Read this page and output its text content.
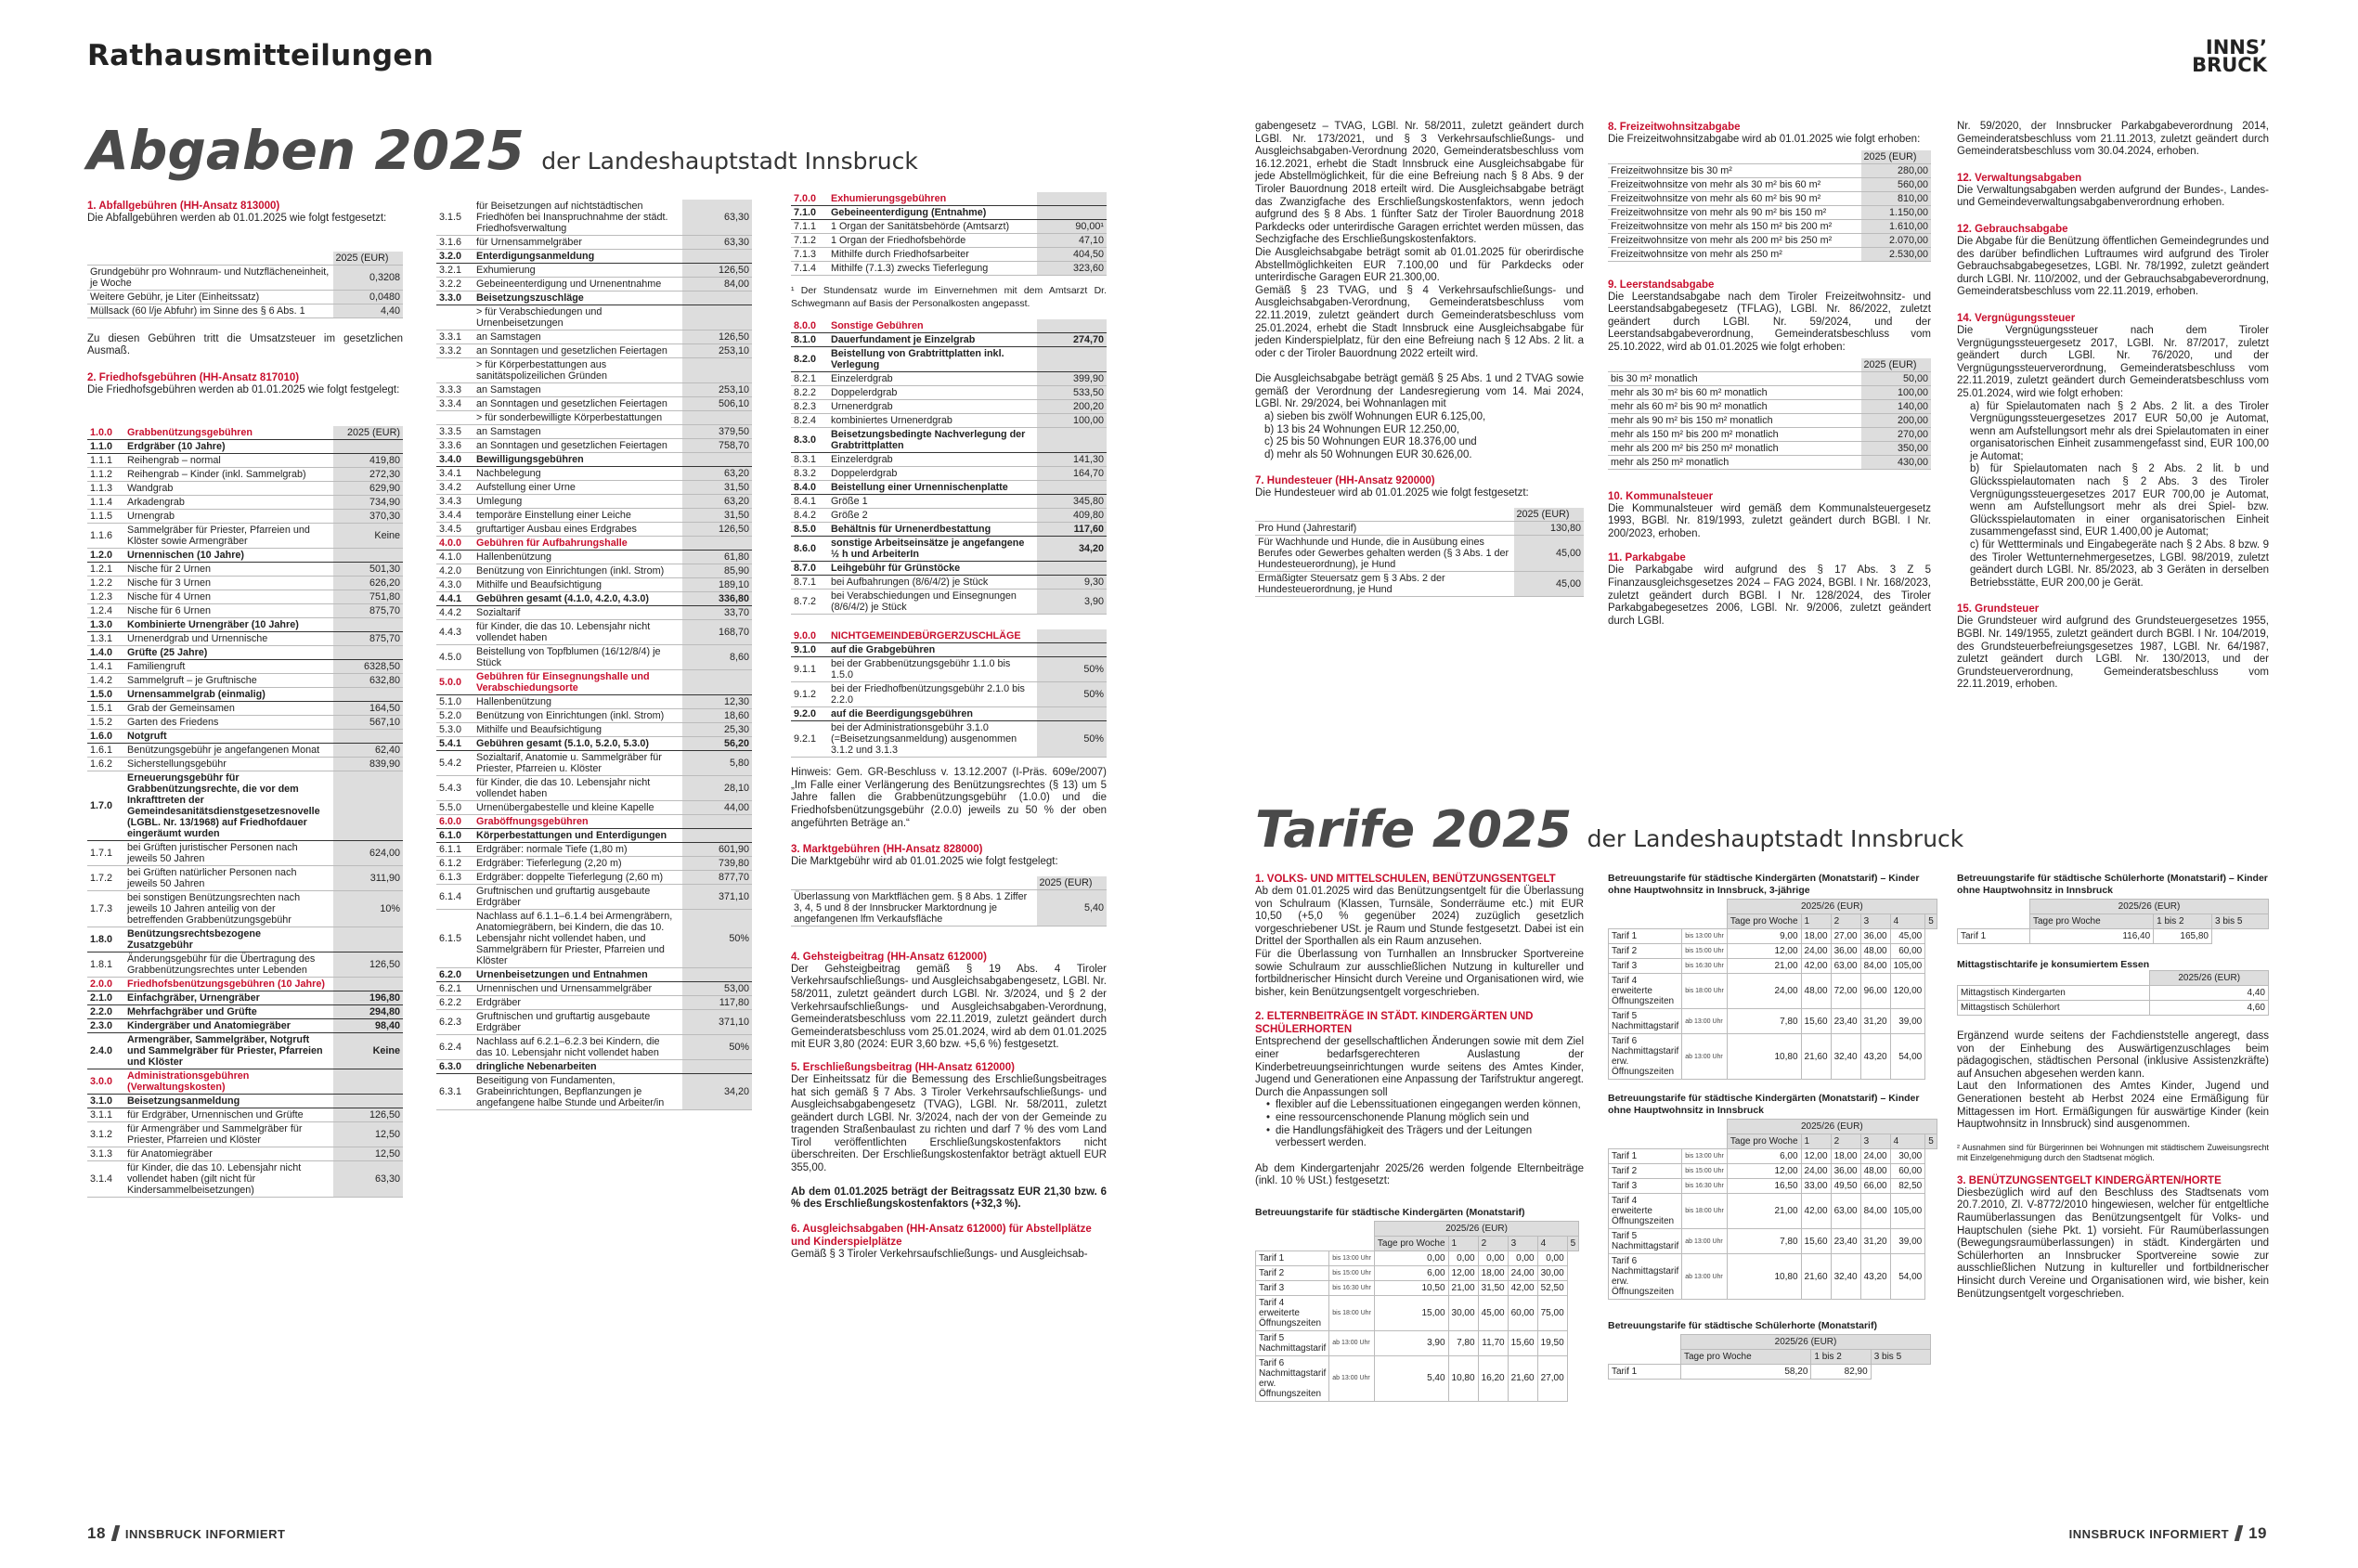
Rathausmitteilungen	INNS’
BRUCK
Abgaben 2025 der Landeshauptstadt Innsbruck
1. Abfallgebühren (HH-Ansatz 813000)
Die Abfallgebühren werden ab 01.01.2025 wie folgt festgesetzt:
	2025 (EUR)
Grundgebühr pro Wohnraum- und Nutzflächeneinheit, je Woche	0,3208
Weitere Gebühr, je Liter (Einheitssatz)	0,0480
Müllsack (60 l/je Abfuhr) im Sinne des § 6 Abs. 1	4,40
Zu diesen Gebühren tritt die Umsatzsteuer im gesetzlichen Ausmaß.
2. Friedhofsgebühren (HH-Ansatz 817010)
Die Friedhofsgebühren werden ab 01.01.2025 wie folgt festgelegt:
1.0.0	Grabbenützungsgebühren	2025 (EUR)
1.1.0	Erdgräber (10 Jahre)	
1.1.1	Reihengrab – normal	419,80
1.1.2	Reihengrab – Kinder (inkl. Sammelgrab)	272,30
1.1.3	Wandgrab	629,90
1.1.4	Arkadengrab	734,90
1.1.5	Urnengrab	370,30
1.1.6	Sammelgräber für Priester, Pfarreien und Klöster sowie Armengräber	Keine
1.2.0	Urnennischen (10 Jahre)	
1.2.1	Nische für 2 Urnen	501,30
1.2.2	Nische für 3 Urnen	626,20
1.2.3	Nische für 4 Urnen	751,80
1.2.4	Nische für 6 Urnen	875,70
1.3.0	Kombinierte Urnengräber (10 Jahre)	
1.3.1	Urnenerdgrab und Urnennische	875,70
1.4.0	Grüfte (25 Jahre)	
1.4.1	Familiengruft	6328,50
1.4.2	Sammelgruft – je Gruftnische	632,80
1.5.0	Urnensammelgrab (einmalig)	
1.5.1	Grab der Gemeinsamen	164,50
1.5.2	Garten des Friedens	567,10
1.6.0	Notgruft	
1.6.1	Benützungsgebühr je angefangenen Monat	62,40
1.6.2	Sicherstellungsgebühr	839,90
1.7.0	Erneuerungsgebühr für Grabbenützungsrechte, die vor dem Inkrafttreten der Gemeindesanitätsdienstgesetzesnovelle (LGBL. Nr. 13/1968) auf Friedhofdauer eingeräumt wurden	
1.7.1	bei Grüften juristischer Personen nach jeweils 50 Jahren	624,00
1.7.2	bei Grüften natürlicher Personen nach jeweils 50 Jahren	311,90
1.7.3	bei sonstigen Benützungsrechten nach jeweils 10 Jahren anteilig von der betreffenden Grabbenützungsgebühr	10%
1.8.0	Benützungsrechtsbezogene Zusatzgebühr	
1.8.1	Änderungsgebühr für die Übertragung des Grabbenützungsrechtes unter Lebenden	126,50
2.0.0	Friedhofsbenützungsgebühren (10 Jahre)	
2.1.0	Einfachgräber, Urnengräber	196,80
2.2.0	Mehrfachgräber und Grüfte	294,80
2.3.0	Kindergräber und Anatomiegräber	98,40
2.4.0	Armengräber, Sammelgräber, Notgruft und Sammelgräber für Priester, Pfarreien und Klöster	Keine
3.0.0	Administrationsgebühren (Verwaltungskosten)	
3.1.0	Beisetzungsanmeldung	
3.1.1	für Erdgräber, Urnennischen und Grüfte	126,50
3.1.2	für Armengräber und Sammelgräber für Priester, Pfarreien und Klöster	12,50
3.1.3	für Anatomiegräber	12,50
3.1.4	für Kinder, die das 10. Lebensjahr nicht vollendet haben (gilt nicht für Kindersammelbeisetzungen)	63,30
3.1.5	für Beisetzungen auf nichtstädtischen Friedhöfen bei Inanspruchnahme der städt. Friedhofsverwaltung	63,30
3.1.6	für Urnensammelgräber	63,30
3.2.0	Enterdigungsanmeldung	
3.2.1	Exhumierung	126,50
3.2.2	Gebeineenterdigung und Urnenentnahme	84,00
3.3.0	Beisetzungszuschläge	
	> für Verabschiedungen und Urnenbeisetzungen	
3.3.1	an Samstagen	126,50
3.3.2	an Sonntagen und gesetzlichen Feiertagen	253,10
	> für Körperbestattungen aus sanitätspolizeilichen Gründen	
3.3.3	an Samstagen	253,10
3.3.4	an Sonntagen und gesetzlichen Feiertagen	506,10
	> für sonderbewilligte Körperbestattungen	
3.3.5	an Samstagen	379,50
3.3.6	an Sonntagen und gesetzlichen Feiertagen	758,70
3.4.0	Bewilligungsgebühren	
3.4.1	Nachbelegung	63,20
3.4.2	Aufstellung einer Urne	31,50
3.4.3	Umlegung	63,20
3.4.4	temporäre Einstellung einer Leiche	31,50
3.4.5	gruftartiger Ausbau eines Erdgrabes	126,50
4.0.0	Gebühren für Aufbahrungshalle	
4.1.0	Hallenbenützung	61,80
4.2.0	Benützung von Einrichtungen (inkl. Strom)	85,90
4.3.0	Mithilfe und Beaufsichtigung	189,10
4.4.1	Gebühren gesamt (4.1.0, 4.2.0, 4.3.0)	336,80
4.4.2	Sozialtarif	33,70
4.4.3	für Kinder, die das 10. Lebensjahr nicht vollendet haben	168,70
4.5.0	Beistellung von Topfblumen (16/12/8/4) je Stück	8,60
5.0.0	Gebühren für Einsegnungshalle und Verabschiedungsorte	
5.1.0	Hallenbenützung	12,30
5.2.0	Benützung von Einrichtungen (inkl. Strom)	18,60
5.3.0	Mithilfe und Beaufsichtigung	25,30
5.4.1	Gebühren gesamt (5.1.0, 5.2.0, 5.3.0)	56,20
5.4.2	Sozialtarif, Anatomie u. Sammelgräber für Priester, Pfarreien u. Klöster	5,80
5.4.3	für Kinder, die das 10. Lebensjahr nicht vollendet haben	28,10
5.5.0	Urnenübergabestelle und kleine Kapelle	44,00
6.0.0	Graböffnungsgebühren	
6.1.0	Körperbestattungen und Enterdigungen	
6.1.1	Erdgräber: normale Tiefe (1,80 m)	601,90
6.1.2	Erdgräber: Tieferlegung (2,20 m)	739,80
6.1.3	Erdgräber: doppelte Tieferlegung (2,60 m)	877,70
6.1.4	Gruftnischen und gruftartig ausgebaute Erdgräber	371,10
6.1.5	Nachlass auf 6.1.1–6.1.4 bei Armengräbern, Anatomiegräbern, bei Kindern, die das 10. Lebensjahr nicht vollendet haben, und Sammelgräbern für Priester, Pfarreien und Klöster	50%
6.2.0	Urnenbeisetzungen und Entnahmen	
6.2.1	Urnennischen und Urnensammelgräber	53,00
6.2.2	Erdgräber	117,80
6.2.3	Gruftnischen und gruftartig ausgebaute Erdgräber	371,10
6.2.4	Nachlass auf 6.2.1–6.2.3 bei Kindern, die das 10. Lebensjahr nicht vollendet haben	50%
6.3.0	dringliche Nebenarbeiten	
6.3.1	Beseitigung von Fundamenten, Grabeinrichtungen, Bepflanzungen je angefangene halbe Stunde und Arbeiter/in	34,20
7.0.0	Exhumierungsgebühren	
7.1.0	Gebeineenterdigung (Entnahme)	
7.1.1	1 Organ der Sanitätsbehörde (Amtsarzt)	90,00¹
7.1.2	1 Organ der Friedhofsbehörde	47,10
7.1.3	Mithilfe durch Friedhofsarbeiter	404,50
7.1.4	Mithilfe (7.1.3) zwecks Tieferlegung	323,60
¹ Der Stundensatz wurde im Einvernehmen mit dem Amtsarzt Dr. Schwegmann auf Basis der Personalkosten angepasst.
8.0.0	Sonstige Gebühren	
8.1.0	Dauerfundament je Einzelgrab	274,70
8.2.0	Beistellung von Grabtrittplatten inkl. Verlegung	
8.2.1	Einzelerdgrab	399,90
8.2.2	Doppelerdgrab	533,50
8.2.3	Urnenerdgrab	200,20
8.2.4	kombiniertes Urnenerdgrab	100,00
8.3.0	Beisetzungsbedingte Nachverlegung der Grabtrittplatten	
8.3.1	Einzelerdgrab	141,30
8.3.2	Doppelerdgrab	164,70
8.4.0	Beistellung einer Urnennischenplatte	
8.4.1	Größe 1	345,80
8.4.2	Größe 2	409,80
8.5.0	Behältnis für Urnenerdbestattung	117,60
8.6.0	sonstige Arbeitseinsätze je angefangene ½ h und ArbeiterIn	34,20
8.7.0	Leihgebühr für Grünstöcke	
8.7.1	bei Aufbahrungen (8/6/4/2) je Stück	9,30
8.7.2	bei Verabschiedungen und Einsegnungen (8/6/4/2) je Stück	3,90
9.0.0	NICHTGEMEINDEBÜRGERZUSCHLÄGE	
9.1.0	auf die Grabgebühren	
9.1.1	bei der Grabbenützungsgebühr 1.1.0 bis 1.5.0	50%
9.1.2	bei der Friedhofbenützungsgebühr 2.1.0 bis 2.2.0	50%
9.2.0	auf die Beerdigungsgebühren	
9.2.1	bei der Administrationsgebühr 3.1.0 (=Beisetzungsanmeldung) ausgenommen 3.1.2 und 3.1.3	50%
Hinweis: Gem. GR-Beschluss v. 13.12.2007 (I-Präs. 609e/2007) „Im Falle einer Verlängerung des Benützungsrechtes (§ 13) um 5 Jahre fallen die Grabbenützungsgebühr (1.0.0) und die Friedhofsbenützungsgebühr (2.0.0) jeweils zu 50 % der oben angeführten Beträge an.“
3. Marktgebühren (HH-Ansatz 828000)
Die Marktgebühr wird ab 01.01.2025 wie folgt festgelegt:
	2025 (EUR)
Überlassung von Marktflächen gem. § 8 Abs. 1 Ziffer 3, 4, 5 und 8 der Innsbrucker Marktordnung je angefangenen lfm Verkaufsfläche	5,40
4. Gehsteigbeitrag (HH-Ansatz 612000)
Der Gehsteigbeitrag gemäß § 19 Abs. 4 Tiroler Verkehrsaufschließungs- und Ausgleichsabgabengesetz, LGBl. Nr. 58/2011, zuletzt geändert durch LGBl. Nr. 3/2024, und § 2 der Verkehrsaufschließungs- und Ausgleichsabgaben-Verordnung, Gemeinderatsbeschluss vom 22.11.2019, zuletzt geändert durch Gemeinderatsbeschluss vom 25.01.2024, wird ab dem 01.01.2025 mit EUR 3,80 (2024: EUR 3,60 bzw. +5,6 %) festgesetzt.
5. Erschließungsbeitrag (HH-Ansatz 612000)
Der Einheitssatz für die Bemessung des Erschließungsbeitrages hat sich gemäß § 7 Abs. 3 Tiroler Verkehrsaufschließungs- und Ausgleichsabgabengesetz (TVAG), LGBl. Nr. 58/2011, zuletzt geändert durch LGBl. Nr. 3/2024, nach der von der Gemeinde zu tragenden Straßenbaulast zu richten und darf 7 % des vom Land Tirol veröffentlichten Erschließungskostenfaktors nicht überschreiten. Der Erschließungskostenfaktor beträgt aktuell EUR 355,00.
Ab dem 01.01.2025 beträgt der Beitragssatz EUR 21,30 bzw. 6 % des Erschließungskostenfaktors (+32,3 %).
6. Ausgleichsabgaben (HH-Ansatz 612000) für Abstellplätze und Kinderspielplätze
Gemäß § 3 Tiroler Verkehrsaufschließungs- und Ausgleichsab-
gabengesetz – TVAG, LGBl. Nr. 58/2011, zuletzt geändert durch LGBl. Nr. 173/2021, und § 3 Verkehrsaufschließungs- und Ausgleichsabgaben-Verordnung 2020, Gemeinderatsbeschluss vom 16.12.2021, erhebt die Stadt Innsbruck eine Ausgleichsabgabe für jede Abstellmöglichkeit, für die eine Befreiung nach § 8 Abs. 9 der Tiroler Bauordnung 2018 erteilt wird. Die Ausgleichsabgabe beträgt das Zwanzigfache des Erschließungskostenfaktors, wenn jedoch aufgrund des § 8 Abs. 1 fünfter Satz der Tiroler Bauordnung 2018 Parkdecks oder unterirdische Garagen errichtet werden müssen, das Sechzigfache des Erschließungskostenfaktors.
Die Ausgleichsabgabe beträgt somit ab 01.01.2025 für oberirdische Abstellmöglichkeiten EUR 7.100,00 und für Parkdecks oder unterirdische Garagen EUR 21.300,00.
Gemäß § 23 TVAG, und § 4 Verkehrsaufschließungs- und Ausgleichsabgaben-Verordnung, Gemeinderatsbeschluss vom 22.11.2019, zuletzt geändert durch Gemeinderatsbeschluss vom 25.01.2024, erhebt die Stadt Innsbruck eine Ausgleichsabgabe für jeden Kinderspielplatz, für den eine Befreiung nach § 12 Abs. 2 lit. a oder c der Tiroler Bauordnung 2022 erteilt wird.
Die Ausgleichsabgabe beträgt gemäß § 25 Abs. 1 und 2 TVAG sowie gemäß der Verordnung der Landesregierung vom 14. Mai 2024, LGBl. Nr. 29/2024, bei Wohnanlagen mit
a) sieben bis zwölf Wohnungen EUR 6.125,00,
b) 13 bis 24 Wohnungen EUR 12.250,00,
c) 25 bis 50 Wohnungen EUR 18.376,00 und
d) mehr als 50 Wohnungen EUR 30.626,00.
7. Hundesteuer (HH-Ansatz 920000)
Die Hundesteuer wird ab 01.01.2025 wie folgt festgesetzt:
	2025 (EUR)
Pro Hund (Jahrestarif)	130,80
Für Wachhunde und Hunde, die in Ausübung eines Berufes oder Gewerbes gehalten werden (§ 3 Abs. 1 der Hundesteuerordnung), je Hund	45,00
Ermäßigter Steuersatz gem § 3 Abs. 2 der Hundesteuerordnung, je Hund	45,00
8. Freizeitwohnsitzabgabe
Die Freizeitwohnsitzabgabe wird ab 01.01.2025 wie folgt erhoben:
	2025 (EUR)
Freizeitwohnsitze bis 30 m²	280,00
Freizeitwohnsitze von mehr als 30 m² bis 60 m²	560,00
Freizeitwohnsitze von mehr als 60 m² bis 90 m²	810,00
Freizeitwohnsitze von mehr als 90 m² bis 150 m²	1.150,00
Freizeitwohnsitze von mehr als 150 m² bis 200 m²	1.610,00
Freizeitwohnsitze von mehr als 200 m² bis 250 m²	2.070,00
Freizeitwohnsitze von mehr als 250 m²	2.530,00
9. Leerstandsabgabe
Die Leerstandsabgabe nach dem Tiroler Freizeitwohnsitz- und Leerstandsabgabegesetz (TFLAG), LGBl. Nr. 86/2022, zuletzt geändert durch LGBl. Nr. 59/2024, und der Leerstandsabgabeverordnung, Gemeinderatsbeschluss vom 25.10.2022, wird ab 01.01.2025 wie folgt erhoben:
	2025 (EUR)
bis 30 m² monatlich	50,00
mehr als 30 m² bis 60 m² monatlich	100,00
mehr als 60 m² bis 90 m² monatlich	140,00
mehr als 90 m² bis 150 m² monatlich	200,00
mehr als 150 m² bis 200 m² monatlich	270,00
mehr als 200 m² bis 250 m² monatlich	350,00
mehr als 250 m² monatlich	430,00
10. Kommunalsteuer
Die Kommunalsteuer wird gemäß dem Kommunalsteuergesetz 1993, BGBl. Nr. 819/1993, zuletzt geändert durch BGBl. I Nr. 200/2023, erhoben.
11. Parkabgabe
Die Parkabgabe wird aufgrund des § 17 Abs. 3 Z 5 Finanzausgleichsgesetzes 2024 – FAG 2024, BGBl. I Nr. 168/2023, zuletzt geändert durch BGBl. I Nr. 128/2024, des Tiroler Parkabgabegesetzes 2006, LGBl. Nr. 9/2006, zuletzt geändert durch LGBl.
Nr. 59/2020, der Innsbrucker Parkabgabeverordnung 2014, Gemeinderatsbeschluss vom 21.11.2013, zuletzt geändert durch Gemeinderatsbeschluss vom 30.04.2024, erhoben.
12. Verwaltungsabgaben
Die Verwaltungsabgaben werden aufgrund der Bundes-, Landes- und Gemeindeverwaltungsabgabenverordnung erhoben.
12. Gebrauchsabgabe
Die Abgabe für die Benützung öffentlichen Gemeindegrundes und des darüber befindlichen Luftraumes wird aufgrund des Tiroler Gebrauchsabgabegesetzes, LGBl. Nr. 78/1992, zuletzt geändert durch LGBl. Nr. 110/2002, und der Gebrauchsabgabeverordnung, Gemeinderatsbeschluss vom 22.11.2019, erhoben.
14. Vergnügungssteuer
Die Vergnügungssteuer nach dem Tiroler Vergnügungssteuergesetz 2017, LGBl. Nr. 87/2017, zuletzt geändert durch LGBl. Nr. 76/2020, und der Vergnügungssteuerverordnung, Gemeinderatsbeschluss vom 22.11.2019, zuletzt geändert durch Gemeinderatsbeschluss vom 25.01.2024, wird wie folgt erhoben:
a) für Spielautomaten nach § 2 Abs. 2 lit. a des Tiroler Vergnügungssteuergesetzes 2017 EUR 50,00 je Automat, wenn am Aufstellungsort mehr als drei Spielautomaten in einer organisatorischen Einheit zusammengefasst sind, EUR 100,00 je Automat;
b) für Spielautomaten nach § 2 Abs. 2 lit. b und Glücksspielautomaten nach § 2 Abs. 3 des Tiroler Vergnügungssteuergesetzes 2017 EUR 700,00 je Automat, wenn am Aufstellungsort mehr als drei Spiel- bzw. Glücksspielautomaten in einer organisatorischen Einheit zusammengefasst sind, EUR 1.400,00 je Automat;
c) für Wettterminals und Eingabegeräte nach § 2 Abs. 8 bzw. 9 des Tiroler Wettunternehmergesetzes, LGBl. 98/2019, zuletzt geändert durch LGBl. Nr. 85/2023, ab 3 Geräten in derselben Betriebsstätte, EUR 200,00 je Gerät.
15. Grundsteuer
Die Grundsteuer wird aufgrund des Grundsteuergesetzes 1955, BGBl. Nr. 149/1955, zuletzt geändert durch BGBl. I Nr. 104/2019, des Grundsteuerbefreiungsgesetzes 1987, LGBl. Nr. 64/1987, zuletzt geändert durch LGBl. Nr. 130/2013, und der Grundsteuerverordnung, Gemeinderatsbeschluss vom 22.11.2019, erhoben.
Tarife 2025 der Landeshauptstadt Innsbruck
1. VOLKS- UND MITTELSCHULEN, BENÜTZUNGSENTGELT
Ab dem 01.01.2025 wird das Benützungsentgelt für die Überlassung von Schulraum (Klassen, Turnsäle, Sonderräume etc.) mit EUR 10,50 (+5,0 % gegenüber 2024) zuzüglich gesetzlich vorgeschriebener USt. je Raum und Stunde festgesetzt. Dabei ist ein Drittel der Sporthallen als ein Raum anzusehen.
Für die Überlassung von Turnhallen an Innsbrucker Sportvereine sowie Schulraum zur ausschließlichen Nutzung in kultureller und fortbildnerischer Hinsicht durch Vereine und Organisationen wird, wie bisher, kein Benützungsentgelt vorgeschrieben.
2. ELTERNBEITRÄGE IN STÄDT. KINDERGÄRTEN UND SCHÜLERHORTEN
Entsprechend der gesellschaftlichen Änderungen sowie mit dem Ziel einer bedarfsgerechteren Auslastung der Kinderbetreuungseinrichtungen wurde seitens des Amtes Kinder, Jugend und Generationen eine Anpassung der Tarifstruktur angeregt. Durch die Anpassungen soll
• flexibler auf die Lebenssituationen eingegangen werden können,
• eine ressourcenschonende Planung möglich sein und
• die Handlungsfähigkeit des Trägers und der Leitungen verbessert werden.
Ab dem Kindergartenjahr 2025/26 werden folgende Elternbeiträge (inkl. 10 % USt.) festgesetzt:
Betreuungstarife für städtische Kindergärten (Monatstarif)
		2025/26 (EUR)					
		Tage pro Woche	1	2	3	4	5
Tarif 1	bis 13:00 Uhr	0,00	0,00	0,00	0,00	0,00	
Tarif 2	bis 15:00 Uhr	6,00	12,00	18,00	24,00	30,00	
Tarif 3	bis 16:30 Uhr	10,50	21,00	31,50	42,00	52,50	
Tarif 4 erweiterte Öffnungszeiten	bis 18:00 Uhr	15,00	30,00	45,00	60,00	75,00	
Tarif 5 Nachmittagstarif	ab 13:00 Uhr	3,90	7,80	11,70	15,60	19,50	
Tarif 6 Nachmittagstarif erw. Öffnungszeiten	ab 13:00 Uhr	5,40	10,80	16,20	21,60	27,00	
Betreuungstarife für städtische Kindergärten (Monatstarif) – Kinder ohne Hauptwohnsitz in Innsbruck, 3-jährige
		2025/26 (EUR)					
		Tage pro Woche	1	2	3	4	5
Tarif 1	bis 13:00 Uhr	9,00	18,00	27,00	36,00	45,00	
Tarif 2	bis 15:00 Uhr	12,00	24,00	36,00	48,00	60,00	
Tarif 3	bis 16:30 Uhr	21,00	42,00	63,00	84,00	105,00	
Tarif 4 erweiterte Öffnungszeiten	bis 18:00 Uhr	24,00	48,00	72,00	96,00	120,00	
Tarif 5 Nachmittagstarif	ab 13:00 Uhr	7,80	15,60	23,40	31,20	39,00	
Tarif 6 Nachmittagstarif erw. Öffnungszeiten	ab 13:00 Uhr	10,80	21,60	32,40	43,20	54,00	
Betreuungstarife für städtische Kindergärten (Monatstarif) – Kinder ohne Hauptwohnsitz in Innsbruck
		2025/26 (EUR)					
		Tage pro Woche	1	2	3	4	5
Tarif 1	bis 13:00 Uhr	6,00	12,00	18,00	24,00	30,00	
Tarif 2	bis 15:00 Uhr	12,00	24,00	36,00	48,00	60,00	
Tarif 3	bis 16:30 Uhr	16,50	33,00	49,50	66,00	82,50	
Tarif 4 erweiterte Öffnungszeiten	bis 18:00 Uhr	21,00	42,00	63,00	84,00	105,00	
Tarif 5 Nachmittagstarif	ab 13:00 Uhr	7,80	15,60	23,40	31,20	39,00	
Tarif 6 Nachmittagstarif erw. Öffnungszeiten	ab 13:00 Uhr	10,80	21,60	32,40	43,20	54,00	
Betreuungstarife für städtische Schülerhorte (Monatstarif)
	2025/26 (EUR)		
	Tage pro Woche	1 bis 2	3 bis 5
Tarif 1	58,20	82,90	
Betreuungstarife für städtische Schülerhorte (Monatstarif) – Kinder ohne Hauptwohnsitz in Innsbruck
	2025/26 (EUR)		
	Tage pro Woche	1 bis 2	3 bis 5
Tarif 1	116,40	165,80	
Mittagstischtarife je konsumiertem Essen
	2025/26 (EUR)
Mittagstisch Kindergarten	4,40
Mittagstisch Schülerhort	4,60
Ergänzend wurde seitens der Fachdienststelle angeregt, dass von der Einhebung des Auswärtigenzuschlages beim pädagogischen, städtischen Personal (inklusive Assistenzkräfte) auf Ansuchen abgesehen werden kann.
Laut den Informationen des Amtes Kinder, Jugend und Generationen besteht ab Herbst 2024 eine Ermäßigung für Mittagessen im Hort. Ermäßigungen für auswärtige Kinder (kein Hauptwohnsitz in Innsbruck) sind ausgenommen.
² Ausnahmen sind für Bürgerinnen bei Wohnungen mit städtischem Zuweisungsrecht mit Einzelgenehmigung durch den Stadtsenat möglich.
3. BENÜTZUNGSENTGELT KINDERGÄRTEN/HORTE
Diesbezüglich wird auf den Beschluss des Stadtsenats vom 20.7.2010, Zl. V-8772/2010 hingewiesen, welcher für entgeltliche Raumüberlassungen das Benützungsentgelt für Volks- und Hauptschulen (siehe Pkt. 1) vorsieht. Für Raumüberlassungen (Bewegungsraumüberlassungen) in städt. Kindergärten und Schülerhorten an Innsbrucker Sportvereine sowie zur ausschließlichen Nutzung in kultureller und fortbildnerischer Hinsicht durch Vereine und Organisationen wird, wie bisher, kein Benützungsentgelt vorgeschrieben.
18 INNSBRUCK INFORMIERT	INNSBRUCK INFORMIERT 19
